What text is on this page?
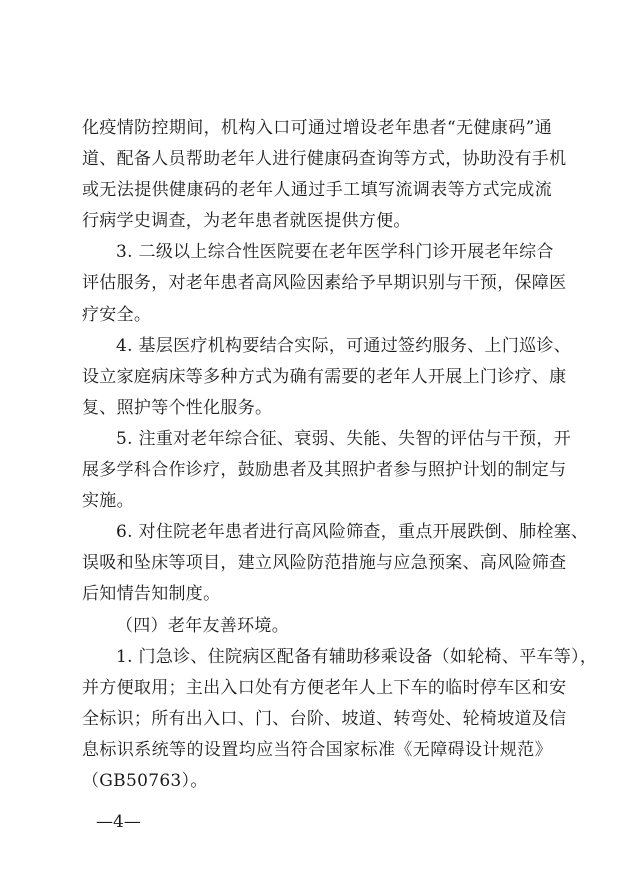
化疫情防控期间，机构入口可通过增设老年患者“无健康码”通
道、配备人员帮助老年人进行健康码查询等方式，协助没有手机
或无法提供健康码的老年人通过手工填写流调表等方式完成流
行病学史调查，为老年患者就医提供方便。
3. 二级以上综合性医院要在老年医学科门诊开展老年综合
评估服务，对老年患者高风险因素给予早期识别与干预，保障医
疗安全。
4. 基层医疗机构要结合实际，可通过签约服务、上门巡诊、
设立家庭病床等多种方式为确有需要的老年人开展上门诊疗、康
复、照护等个性化服务。
5. 注重对老年综合征、衰弱、失能、失智的评估与干预，开
展多学科合作诊疗，鼓励患者及其照护者参与照护计划的制定与
实施。
6. 对住院老年患者进行高风险筛查，重点开展跌倒、肺栓塞、
误吸和坠床等项目，建立风险防范措施与应急预案、高风险筛查
后知情告知制度。
（四）老年友善环境。
1. 门急诊、住院病区配备有辅助移乘设备（如轮椅、平车等），
并方便取用；主出入口处有方便老年人上下车的临时停车区和安
全标识；所有出入口、门、台阶、坡道、转弯处、轮椅坡道及信
息标识系统等的设置均应当符合国家标准《无障碍设计规范》
（GB50763）。
—4—
